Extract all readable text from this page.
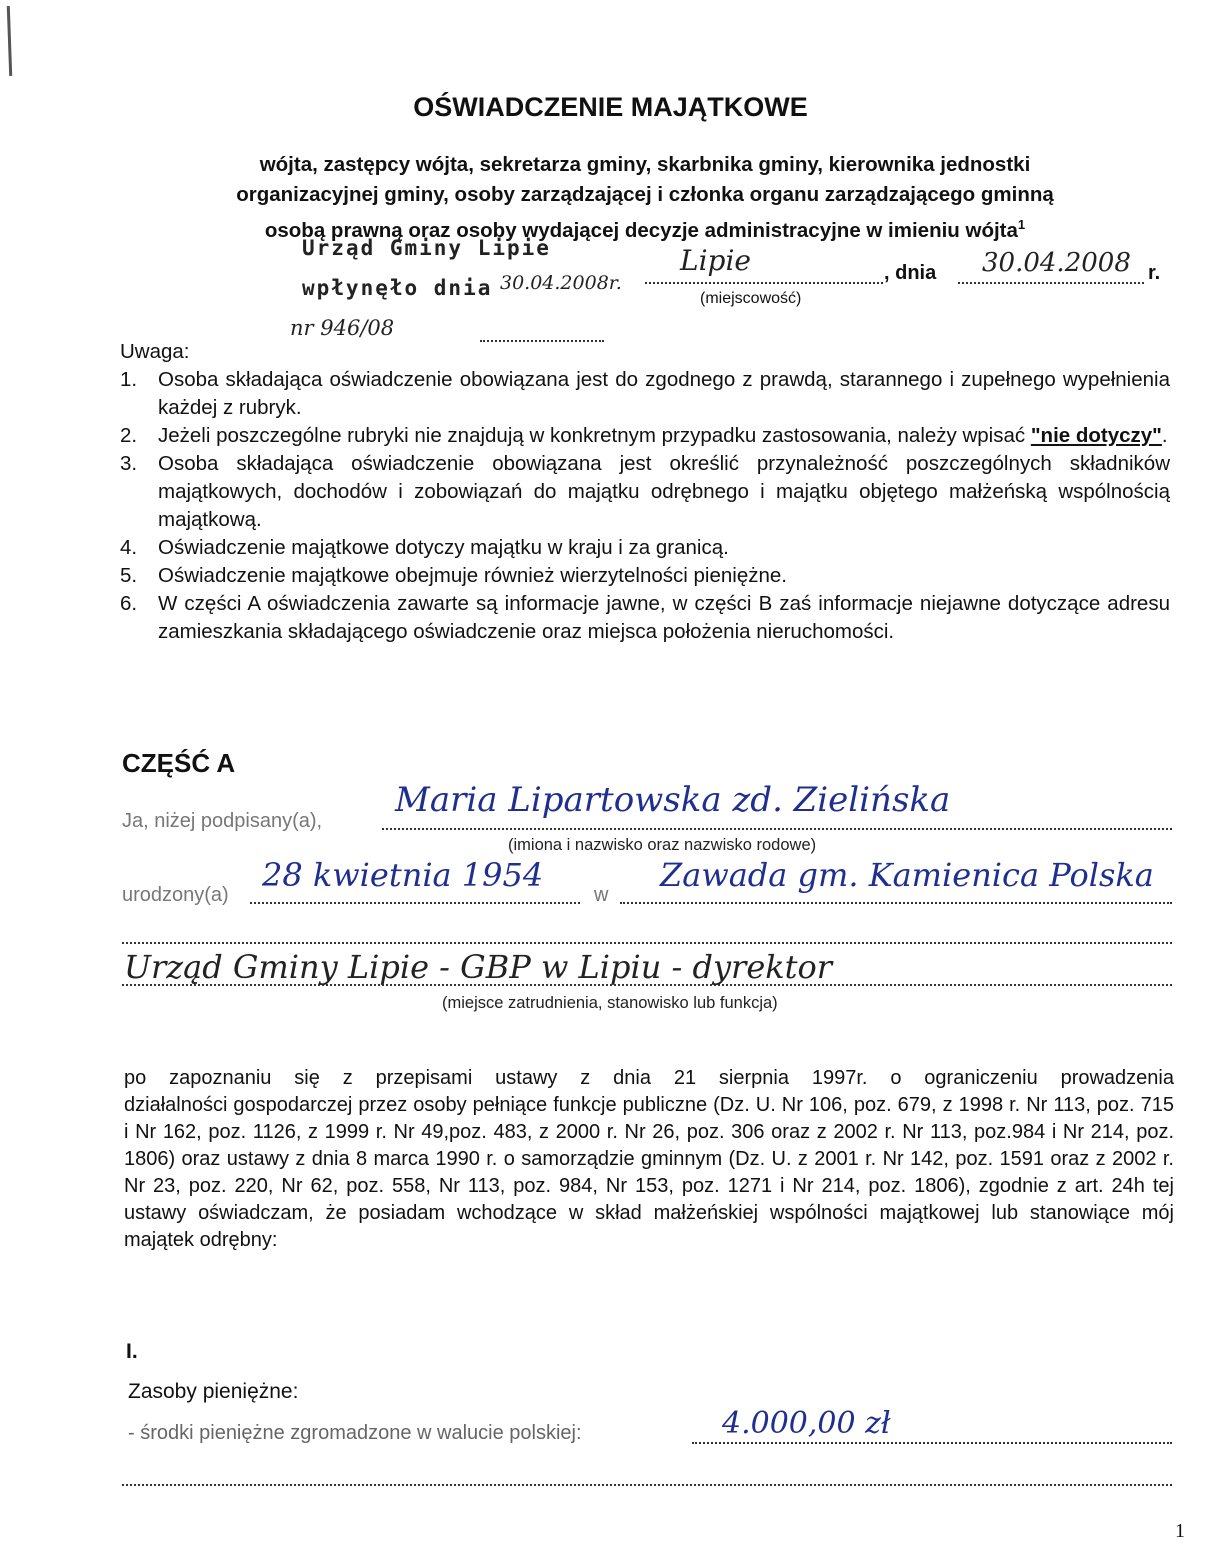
OŚWIADCZENIE MAJĄTKOWE
wójta, zastępcy wójta, sekretarza gminy, skarbnika gminy, kierownika jednostki
organizacyjnej gminy, osoby zarządzającej i członka organu zarządzającego gminną
osobą prawną oraz osoby wydającej decyzje administracyjne w imieniu wójta$^1$
Urząd Gminy Lipie
wpłynęło dnia 30.04.2008r.
nr 946/08
Lipie
(miejscowość)
, dnia 30.04.2008 r.
Uwaga:
1.	Osoba składająca oświadczenie obowiązana jest do zgodnego z prawdą, starannego i zupełnego wypełnienia każdej z rubryk.
2.	Jeżeli poszczególne rubryki nie znajdują w konkretnym przypadku zastosowania, należy wpisać "nie dotyczy".
3.	Osoba składająca oświadczenie obowiązana jest określić przynależność poszczególnych składników majątkowych, dochodów i zobowiązań do majątku odrębnego i majątku objętego małżeńską wspólnością majątkową.
4.	Oświadczenie majątkowe dotyczy majątku w kraju i za granicą.
5.	Oświadczenie majątkowe obejmuje również wierzytelności pieniężne.
6.	W części A oświadczenia zawarte są informacje jawne, w części B zaś informacje niejawne dotyczące adresu zamieszkania składającego oświadczenie oraz miejsca położenia nieruchomości.
CZĘŚĆ A
Ja, niżej podpisany(a),
Maria Lipartowska zd. Zielińska
(imiona i nazwisko oraz nazwisko rodowe)
urodzony(a)
28 kwietnia 1954
w
Zawada gm. Kamienica Polska
Urząd Gminy Lipie - GBP w Lipiu - dyrektor
(miejsce zatrudnienia, stanowisko lub funkcja)
po zapoznaniu się z przepisami ustawy z dnia 21 sierpnia 1997r. o ograniczeniu prowadzenia
działalności gospodarczej przez osoby pełniące funkcje publiczne (Dz. U. Nr 106, poz. 679, z 1998 r. Nr 113, poz. 715 i Nr 162, poz. 1126, z 1999 r. Nr 49,poz. 483, z 2000 r. Nr 26, poz. 306 oraz z 2002 r. Nr 113, poz.984 i Nr 214, poz. 1806) oraz ustawy z dnia 8 marca 1990 r. o samorządzie gminnym (Dz. U. z 2001 r. Nr 142, poz. 1591 oraz z 2002 r. Nr 23, poz. 220, Nr 62, poz. 558, Nr 113, poz. 984, Nr 153, poz. 1271 i Nr 214, poz. 1806), zgodnie z art. 24h tej ustawy oświadczam, że posiadam wchodzące w skład małżeńskiej wspólności majątkowej lub stanowiące mój majątek odrębny:
I.
Zasoby pieniężne:
- środki pieniężne zgromadzone w walucie polskiej:	4.000,00 zł
1
